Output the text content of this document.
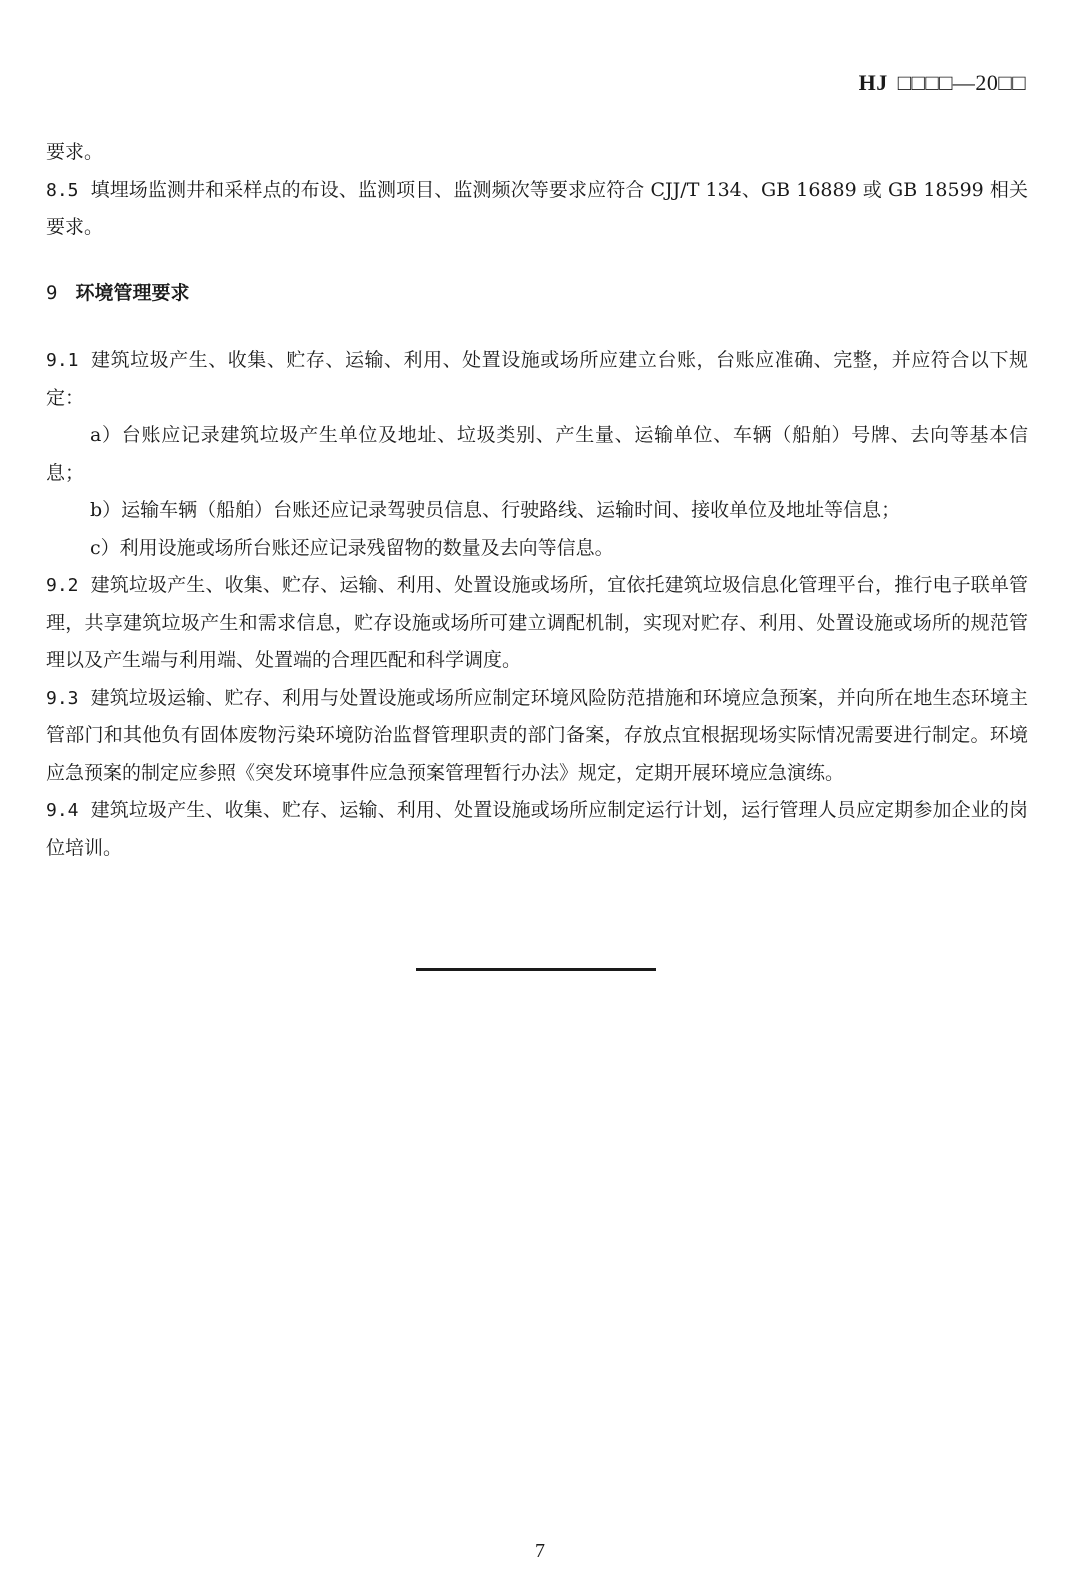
HJ □□□□—20□□

要求。

8.5 填埋场监测井和采样点的布设、监测项目、监测频次等要求应符合 CJJ/T 134、GB 16889 或 GB 18599 相关要求。

9 环境管理要求

9.1 建筑垃圾产生、收集、贮存、运输、利用、处置设施或场所应建立台账，台账应准确、完整，并应符合以下规定：

a）台账应记录建筑垃圾产生单位及地址、垃圾类别、产生量、运输单位、车辆（船舶）号牌、去向等基本信息；

b）运输车辆（船舶）台账还应记录驾驶员信息、行驶路线、运输时间、接收单位及地址等信息；

c）利用设施或场所台账还应记录残留物的数量及去向等信息。

9.2 建筑垃圾产生、收集、贮存、运输、利用、处置设施或场所，宜依托建筑垃圾信息化管理平台，推行电子联单管理，共享建筑垃圾产生和需求信息，贮存设施或场所可建立调配机制，实现对贮存、利用、处置设施或场所的规范管理以及产生端与利用端、处置端的合理匹配和科学调度。

9.3 建筑垃圾运输、贮存、利用与处置设施或场所应制定环境风险防范措施和环境应急预案，并向所在地生态环境主管部门和其他负有固体废物污染环境防治监督管理职责的部门备案，存放点宜根据现场实际情况需要进行制定。环境应急预案的制定应参照《突发环境事件应急预案管理暂行办法》规定，定期开展环境应急演练。

9.4 建筑垃圾产生、收集、贮存、运输、利用、处置设施或场所应制定运行计划，运行管理人员应定期参加企业的岗位培训。

7
